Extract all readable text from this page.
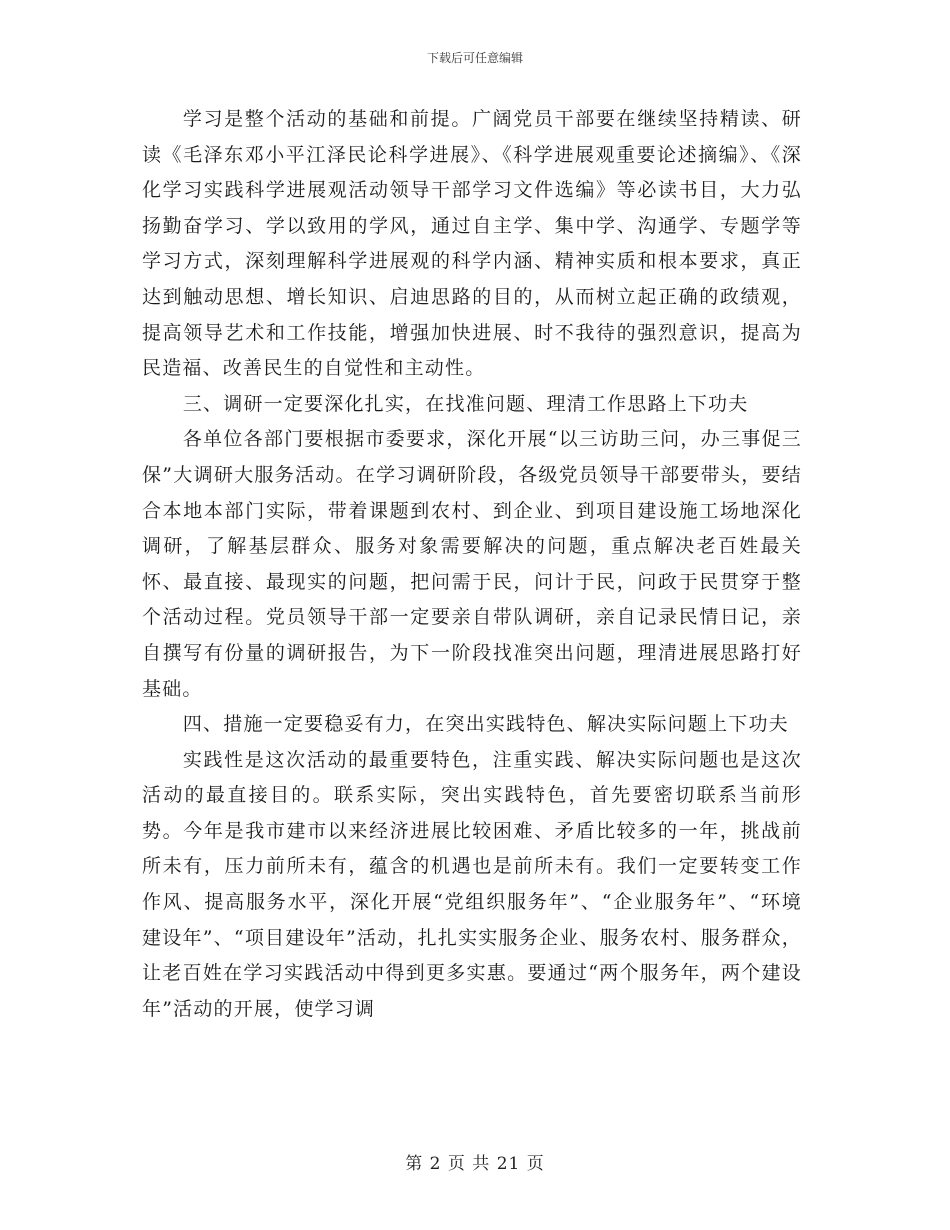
下载后可任意编辑

学习是整个活动的基础和前提。广阔党员干部要在继续坚持精读、研读《毛泽东邓小平江泽民论科学进展》、《科学进展观重要论述摘编》、《深化学习实践科学进展观活动领导干部学习文件选编》等必读书目，大力弘扬勤奋学习、学以致用的学风，通过自主学、集中学、沟通学、专题学等学习方式，深刻理解科学进展观的科学内涵、精神实质和根本要求，真正达到触动思想、增长知识、启迪思路的目的，从而树立起正确的政绩观，提高领导艺术和工作技能，增强加快进展、时不我待的强烈意识，提高为民造福、改善民生的自觉性和主动性。

三、调研一定要深化扎实，在找准问题、理清工作思路上下功夫

各单位各部门要根据市委要求，深化开展“以三访助三问，办三事促三保”大调研大服务活动。在学习调研阶段，各级党员领导干部要带头，要结合本地本部门实际，带着课题到农村、到企业、到项目建设施工场地深化调研，了解基层群众、服务对象需要解决的问题，重点解决老百姓最关怀、最直接、最现实的问题，把问需于民，问计于民，问政于民贯穿于整个活动过程。党员领导干部一定要亲自带队调研，亲自记录民情日记，亲自撰写有份量的调研报告，为下一阶段找准突出问题，理清进展思路打好基础。

四、措施一定要稳妥有力，在突出实践特色、解决实际问题上下功夫

实践性是这次活动的最重要特色，注重实践、解决实际问题也是这次活动的最直接目的。联系实际，突出实践特色，首先要密切联系当前形势。今年是我市建市以来经济进展比较困难、矛盾比较多的一年，挑战前所未有，压力前所未有，蕴含的机遇也是前所未有。我们一定要转变工作作风、提高服务水平，深化开展“党组织服务年”、“企业服务年”、“环境建设年”、“项目建设年”活动，扎扎实实服务企业、服务农村、服务群众，让老百姓在学习实践活动中得到更多实惠。要通过“两个服务年，两个建设年”活动的开展，使学习调

第 2 页 共 21 页
